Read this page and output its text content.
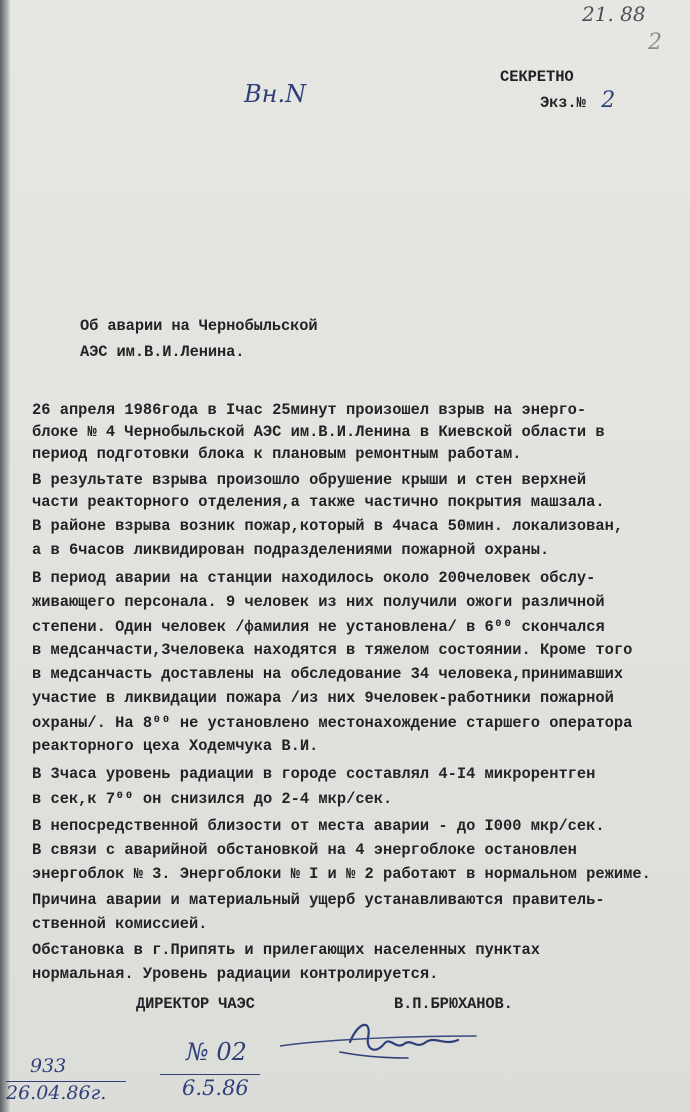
21. 88
2
Вн.N
СЕКРЕТНО
Экз.№ 2
Об аварии на Чернобыльской
АЭС им.В.И.Ленина.
26 апреля 1986года в Iчас 25минут произошел взрыв на энерго-
блоке № 4 Чернобыльской АЭС им.В.И.Ленина в Киевской области в
период подготовки блока к плановым ремонтным работам.
В результате взрыва произошло обрушение крыши и стен верхней
части реакторного отделения,а также частично покрытия машзала.
В районе взрыва возник пожар,который в 4часа 50мин. локализован,
а в 6часов ликвидирован подразделениями пожарной охраны.
В период аварии на станции находилось около 200человек обслу-
живающего персонала. 9 человек из них получили ожоги различной
степени. Один человек /фамилия не установлена/ в 6⁰⁰ скончался
в медсанчасти,3человека находятся в тяжелом состоянии. Кроме того
в медсанчасть доставлены на обследование 34 человека,принимавших
участие в ликвидации пожара /из них 9человек-работники пожарной
охраны/. На 8⁰⁰ не установлено местонахождение старшего оператора
реакторного цеха Ходемчука В.И.
В 3часа уровень радиации в городе составлял 4-I4 микрорентген
в сек,к 7⁰⁰ он снизился до 2-4 мкр/сек.
В непосредственной близости от места аварии - до I000 мкр/сек.
В связи с аварийной обстановкой на 4 энергоблоке остановлен
энергоблок № 3. Энергоблоки № I и № 2 работают в нормальном режиме.
Причина аварии и материальный ущерб устанавливаются правитель-
ственной комиссией.
Обстановка в г.Припять и прилегающих населенных пунктах
нормальная. Уровень радиации контролируется.
ДИРЕКТОР ЧАЭС	В.П.БРЮХАНОВ.
933
26.04.86г.
№ 02
6.5.86
